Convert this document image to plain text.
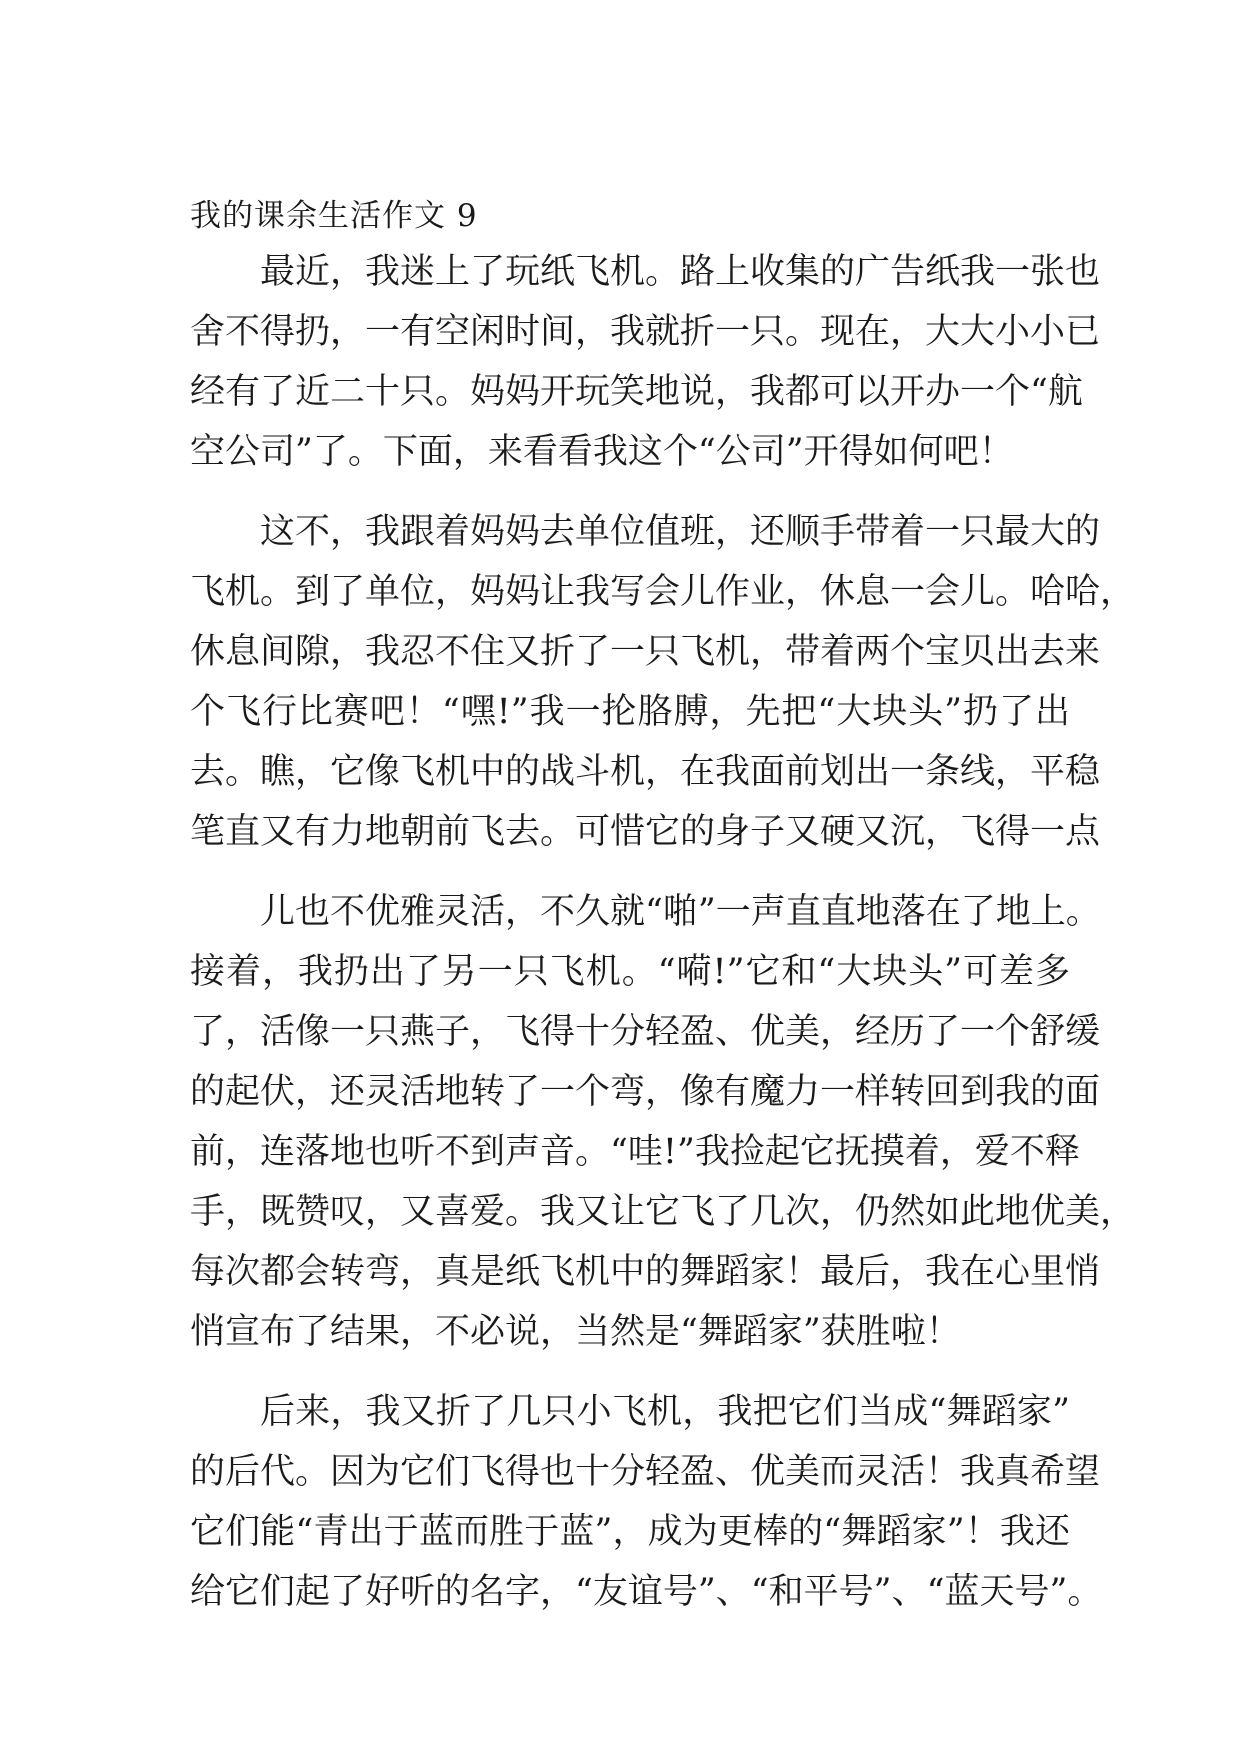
我的课余生活作文 9
最近，我迷上了玩纸飞机。路上收集的广告纸我一张也
舍不得扔，一有空闲时间，我就折一只。现在，大大小小已
经有了近二十只。妈妈开玩笑地说，我都可以开办一个“航
空公司”了。下面，来看看我这个“公司”开得如何吧！
这不，我跟着妈妈去单位值班，还顺手带着一只最大的
飞机。到了单位，妈妈让我写会儿作业，休息一会儿。哈哈，
休息间隙，我忍不住又折了一只飞机，带着两个宝贝出去来
个飞行比赛吧！“嘿!”我一抡胳膊，先把“大块头”扔了出
去。瞧，它像飞机中的战斗机，在我面前划出一条线，平稳
笔直又有力地朝前飞去。可惜它的身子又硬又沉，飞得一点
儿也不优雅灵活，不久就“啪”一声直直地落在了地上。
接着，我扔出了另一只飞机。“嗬!”它和“大块头”可差多
了，活像一只燕子，飞得十分轻盈、优美，经历了一个舒缓
的起伏，还灵活地转了一个弯，像有魔力一样转回到我的面
前，连落地也听不到声音。“哇!”我捡起它抚摸着，爱不释
手，既赞叹，又喜爱。我又让它飞了几次，仍然如此地优美，
每次都会转弯，真是纸飞机中的舞蹈家！最后，我在心里悄
悄宣布了结果，不必说，当然是“舞蹈家”获胜啦！
后来，我又折了几只小飞机，我把它们当成“舞蹈家”
的后代。因为它们飞得也十分轻盈、优美而灵活！我真希望
它们能“青出于蓝而胜于蓝”，成为更棒的“舞蹈家”！我还
给它们起了好听的名字，“友谊号”、“和平号”、“蓝天号”。
